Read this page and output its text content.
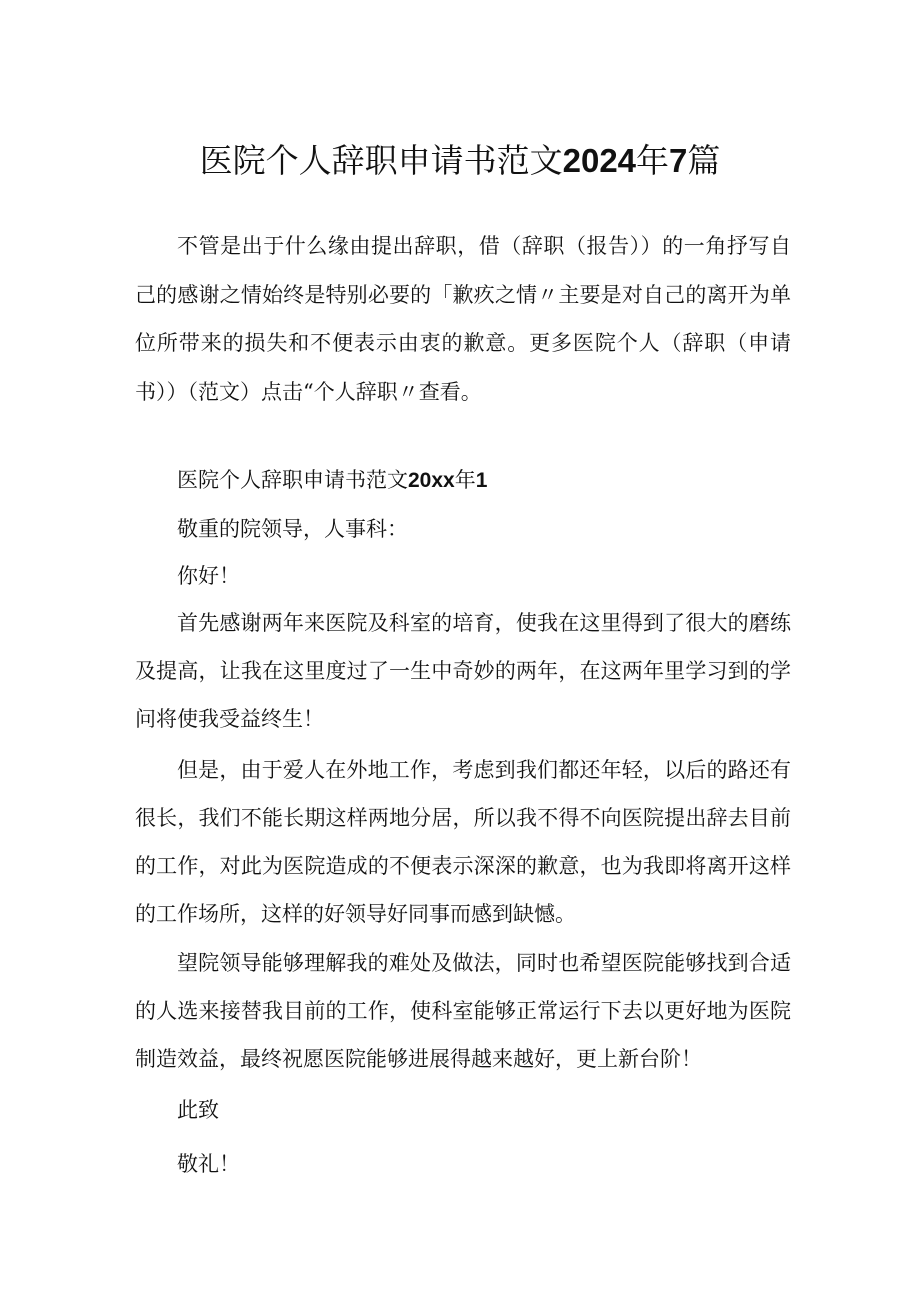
医院个人辞职申请书范文2024年7篇

不管是出于什么缘由提出辞职，借（辞职（报告））的一角抒写自己的感谢之情始终是特别必要的「歉疚之情〃主要是对自己的离开为单位所带来的损失和不便表示由衷的歉意。更多医院个人（辞职（申请书））（范文）点击“个人辞职〃查看。

医院个人辞职申请书范文20xx年1

敬重的院领导，人事科：

你好！

首先感谢两年来医院及科室的培育，使我在这里得到了很大的磨练及提高，让我在这里度过了一生中奇妙的两年，在这两年里学习到的学问将使我受益终生！

但是，由于爱人在外地工作，考虑到我们都还年轻，以后的路还有很长，我们不能长期这样两地分居，所以我不得不向医院提出辞去目前的工作，对此为医院造成的不便表示深深的歉意，也为我即将离开这样的工作场所，这样的好领导好同事而感到缺憾。

望院领导能够理解我的难处及做法，同时也希望医院能够找到合适的人选来接替我目前的工作，使科室能够正常运行下去以更好地为医院制造效益，最终祝愿医院能够进展得越来越好，更上新台阶！

此致

敬礼！
